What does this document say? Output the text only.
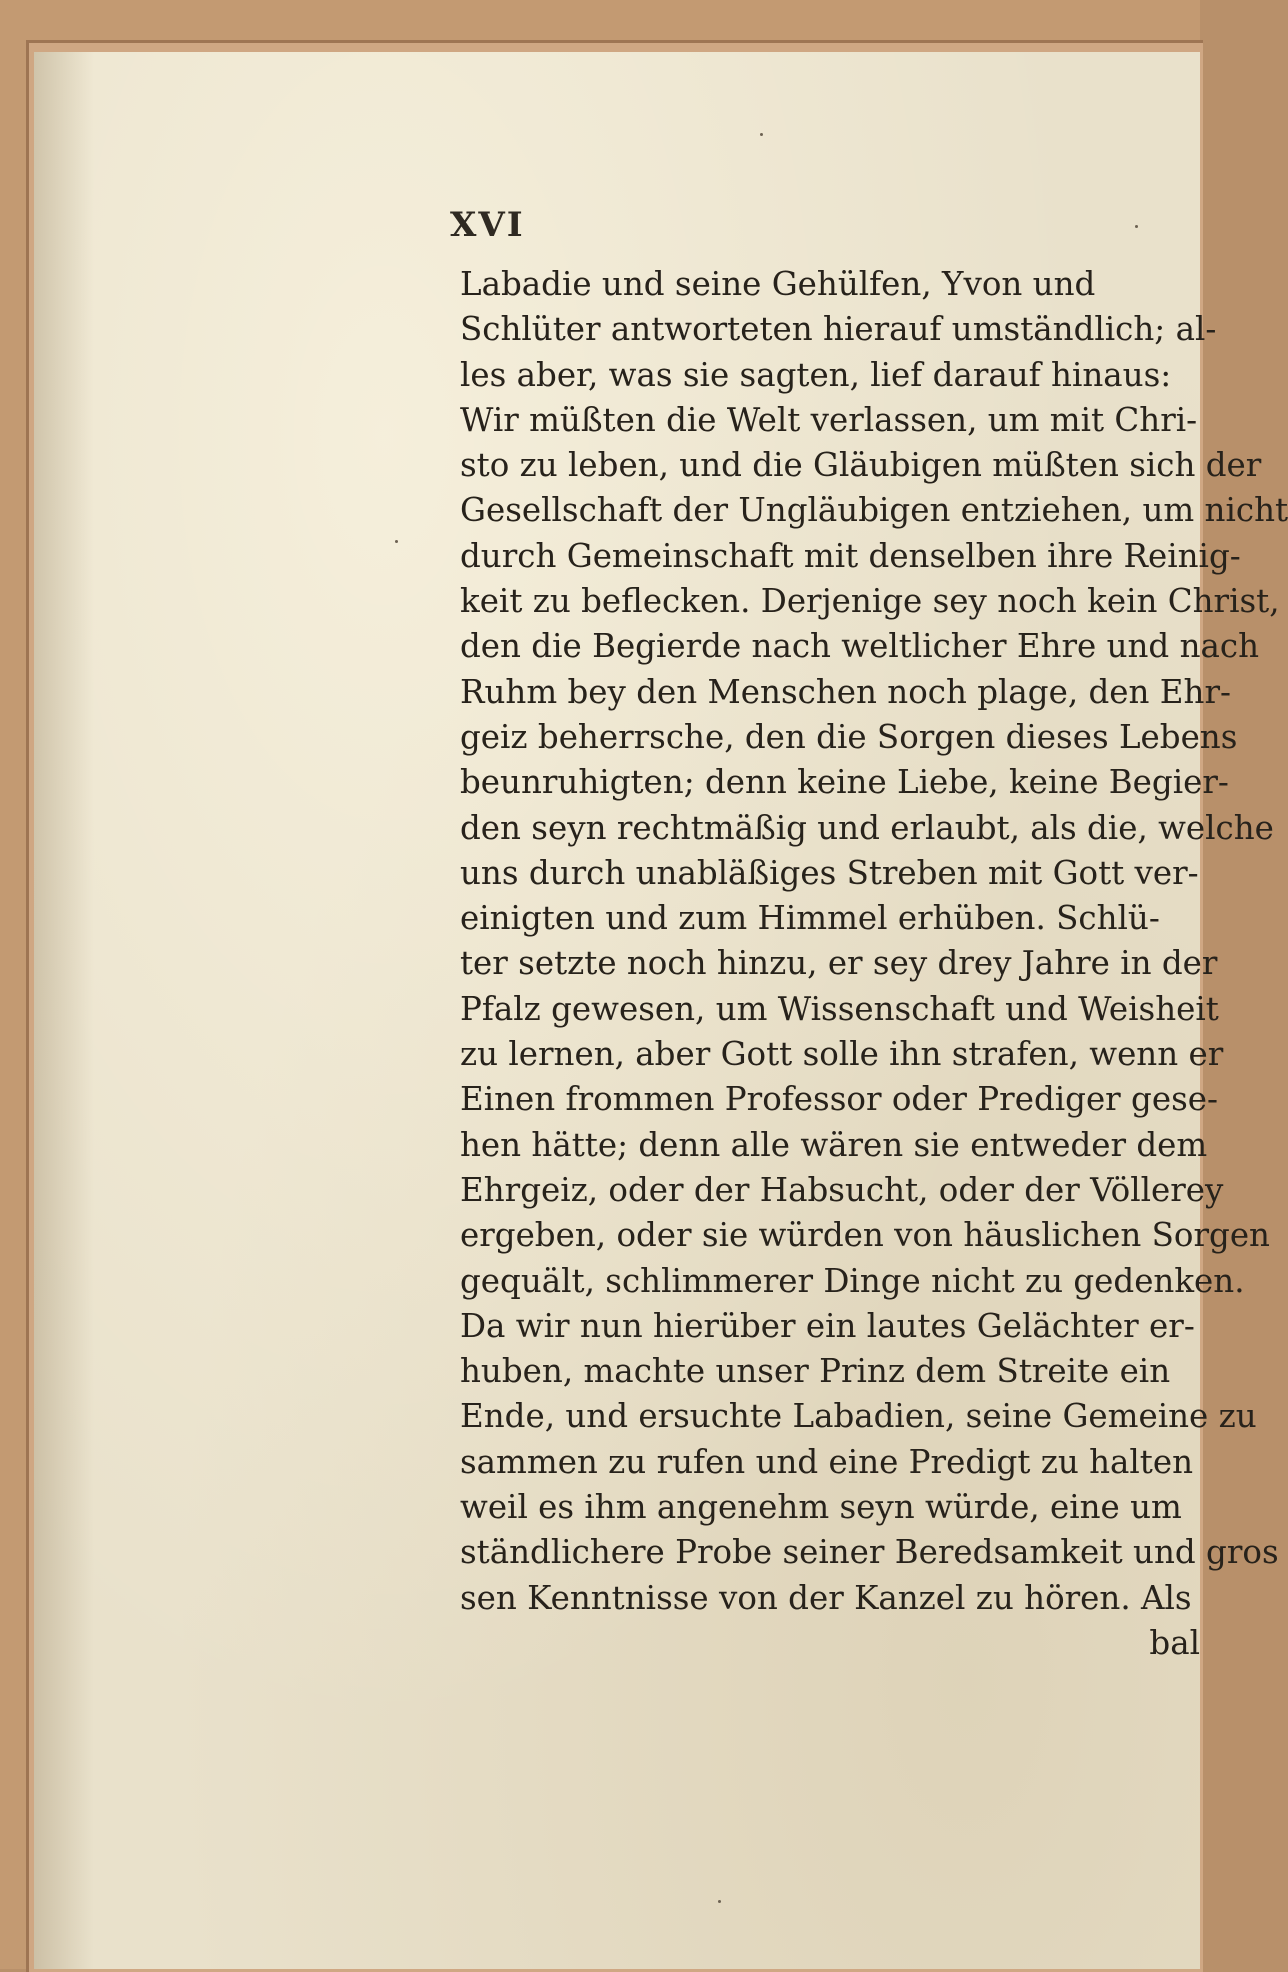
XVI
Labadie und seine Gehülfen, Yvon und
Schlüter antworteten hierauf umständlich; al-
les aber, was sie sagten, lief darauf hinaus:
Wir müßten die Welt verlassen, um mit Chri-
sto zu leben, und die Gläubigen müßten sich der
Gesellschaft der Ungläubigen entziehen, um nicht
durch Gemeinschaft mit denselben ihre Reinig-
keit zu beflecken. Derjenige sey noch kein Christ,
den die Begierde nach weltlicher Ehre und nach
Ruhm bey den Menschen noch plage, den Ehr-
geiz beherrsche, den die Sorgen dieses Lebens
beunruhigten; denn keine Liebe, keine Begier-
den seyn rechtmäßig und erlaubt, als die, welche
uns durch unabläßiges Streben mit Gott ver-
einigten und zum Himmel erhüben. Schlü-
ter setzte noch hinzu, er sey drey Jahre in der
Pfalz gewesen, um Wissenschaft und Weisheit
zu lernen, aber Gott solle ihn strafen, wenn er
Einen frommen Professor oder Prediger gese-
hen hätte; denn alle wären sie entweder dem
Ehrgeiz, oder der Habsucht, oder der Völlerey
ergeben, oder sie würden von häuslichen Sorgen
gequält, schlimmerer Dinge nicht zu gedenken.
Da wir nun hierüber ein lautes Gelächter er-
huben, machte unser Prinz dem Streite ein
Ende, und ersuchte Labadien, seine Gemeine zu
sammen zu rufen und eine Predigt zu halten
weil es ihm angenehm seyn würde, eine um
ständlichere Probe seiner Beredsamkeit und gros
sen Kenntnisse von der Kanzel zu hören. Als
bal
